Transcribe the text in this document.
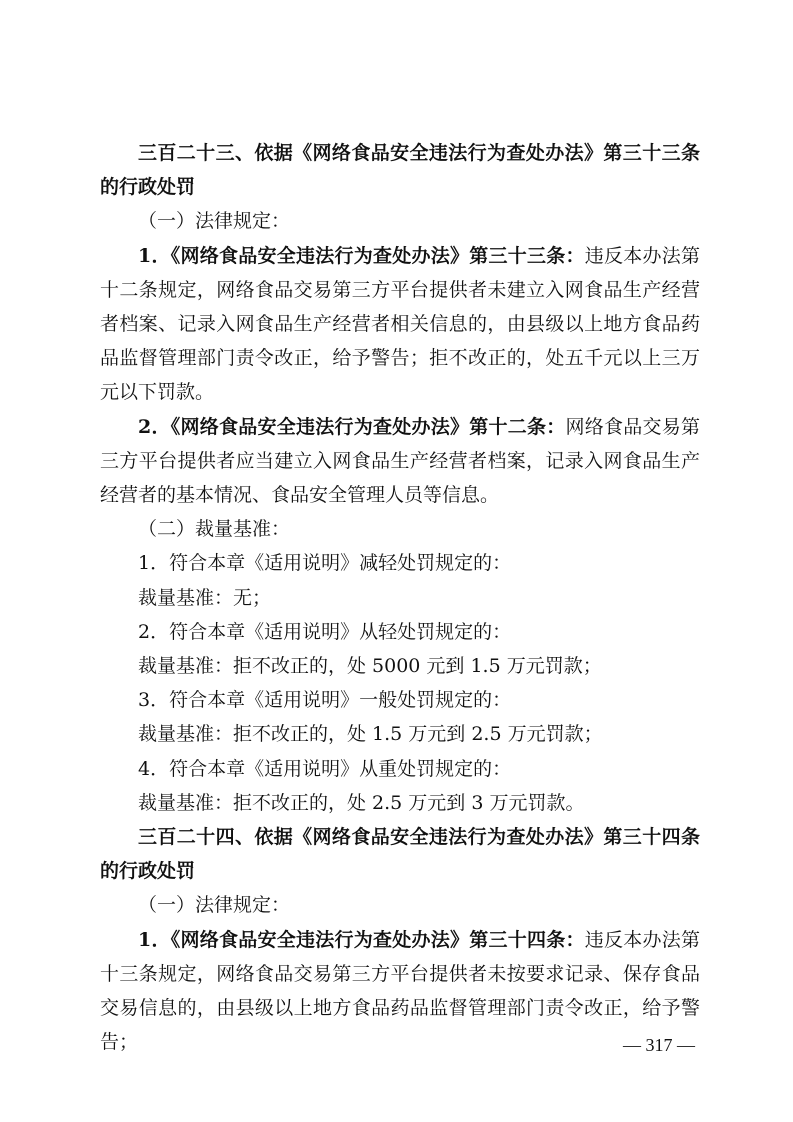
三百二十三、依据《网络食品安全违法行为查处办法》第三十三条的行政处罚

（一）法律规定：

1．《网络食品安全违法行为查处办法》第三十三条：违反本办法第十二条规定，网络食品交易第三方平台提供者未建立入网食品生产经营者档案、记录入网食品生产经营者相关信息的，由县级以上地方食品药品监督管理部门责令改正，给予警告；拒不改正的，处五千元以上三万元以下罚款。

2．《网络食品安全违法行为查处办法》第十二条：网络食品交易第三方平台提供者应当建立入网食品生产经营者档案，记录入网食品生产经营者的基本情况、食品安全管理人员等信息。

（二）裁量基准：

1．符合本章《适用说明》减轻处罚规定的：

裁量基准：无；

2．符合本章《适用说明》从轻处罚规定的：

裁量基准：拒不改正的，处 5000 元到 1.5 万元罚款；

3．符合本章《适用说明》一般处罚规定的：

裁量基准：拒不改正的，处 1.5 万元到 2.5 万元罚款；

4．符合本章《适用说明》从重处罚规定的：

裁量基准：拒不改正的，处 2.5 万元到 3 万元罚款。

三百二十四、依据《网络食品安全违法行为查处办法》第三十四条的行政处罚

（一）法律规定：

1．《网络食品安全违法行为查处办法》第三十四条：违反本办法第十三条规定，网络食品交易第三方平台提供者未按要求记录、保存食品交易信息的，由县级以上地方食品药品监督管理部门责令改正，给予警告；	— 317 —
